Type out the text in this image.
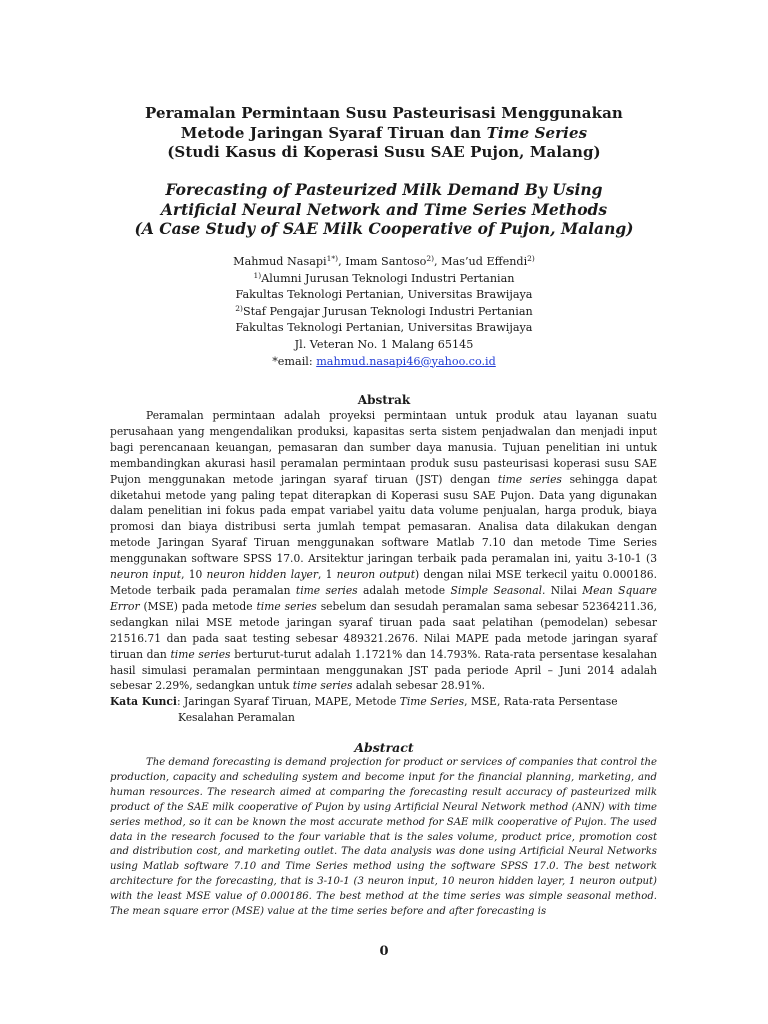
Peramalan Permintaan Susu Pasteurisasi Menggunakan
Metode Jaringan Syaraf Tiruan dan Time Series
(Studi Kasus di Koperasi Susu SAE Pujon, Malang)
Forecasting of Pasteurized Milk Demand By Using
Artificial Neural Network and Time Series Methods
(A Case Study of SAE Milk Cooperative of Pujon, Malang)
Mahmud Nasapi$^{1*)}$, Imam Santoso$^{2)}$, Mas’ud Effendi$^{2)}$
$^{1)}$Alumni Jurusan Teknologi Industri Pertanian
Fakultas Teknologi Pertanian, Universitas Brawijaya
$^{2)}$Staf Pengajar Jurusan Teknologi Industri Pertanian
Fakultas Teknologi Pertanian, Universitas Brawijaya
Jl. Veteran No. 1 Malang 65145
*email: mahmud.nasapi46@yahoo.co.id
Abstrak
Peramalan permintaan adalah proyeksi permintaan untuk produk atau layanan suatu perusahaan yang mengendalikan produksi, kapasitas serta sistem penjadwalan dan menjadi input bagi perencanaan keuangan, pemasaran dan sumber daya manusia. Tujuan penelitian ini untuk membandingkan akurasi hasil peramalan permintaan produk susu pasteurisasi koperasi susu SAE Pujon menggunakan metode jaringan syaraf tiruan (JST) dengan time series sehingga dapat diketahui metode yang paling tepat diterapkan di Koperasi susu SAE Pujon. Data yang digunakan dalam penelitian ini fokus pada empat variabel yaitu data volume penjualan, harga produk, biaya promosi dan biaya distribusi serta jumlah tempat pemasaran. Analisa data dilakukan dengan metode Jaringan Syaraf Tiruan menggunakan software Matlab 7.10 dan metode Time Series menggunakan software SPSS 17.0. Arsitektur jaringan terbaik pada peramalan ini, yaitu 3-10-1 (3 neuron input, 10 neuron hidden layer, 1 neuron output) dengan nilai MSE terkecil yaitu 0.000186. Metode terbaik pada peramalan time series adalah metode Simple Seasonal. Nilai Mean Square Error (MSE) pada metode time series sebelum dan sesudah peramalan sama sebesar 52364211.36, sedangkan nilai MSE metode jaringan syaraf tiruan pada saat pelatihan (pemodelan) sebesar 21516.71 dan pada saat testing sebesar 489321.2676. Nilai MAPE pada metode jaringan syaraf tiruan dan time series berturut-turut adalah 1.1721% dan 14.793%. Rata-rata persentase kesalahan hasil simulasi peramalan permintaan menggunakan JST pada periode April – Juni 2014 adalah sebesar 2.29%, sedangkan untuk time series adalah sebesar 28.91%.
Kata Kunci: Jaringan Syaraf Tiruan, MAPE, Metode Time Series, MSE, Rata-rata Persentase
Kesalahan Peramalan
Abstract
The demand forecasting is demand projection for product or services of companies that control the production, capacity and scheduling system and become input for the financial planning, marketing, and human resources. The research aimed at comparing the forecasting result accuracy of pasteurized milk product of the SAE milk cooperative of Pujon by using Artificial Neural Network method (ANN) with time series method, so it can be known the most accurate method for SAE milk cooperative of Pujon. The used data in the research focused to the four variable that is the sales volume, product price, promotion cost and distribution cost, and marketing outlet. The data analysis was done using Artificial Neural Networks using Matlab software 7.10 and Time Series method using the software SPSS 17.0. The best network architecture for the forecasting, that is 3-10-1 (3 neuron input, 10 neuron hidden layer, 1 neuron output) with the least MSE value of 0.000186. The best method at the time series was simple seasonal method. The mean square error (MSE) value at the time series before and after forecasting is
0
